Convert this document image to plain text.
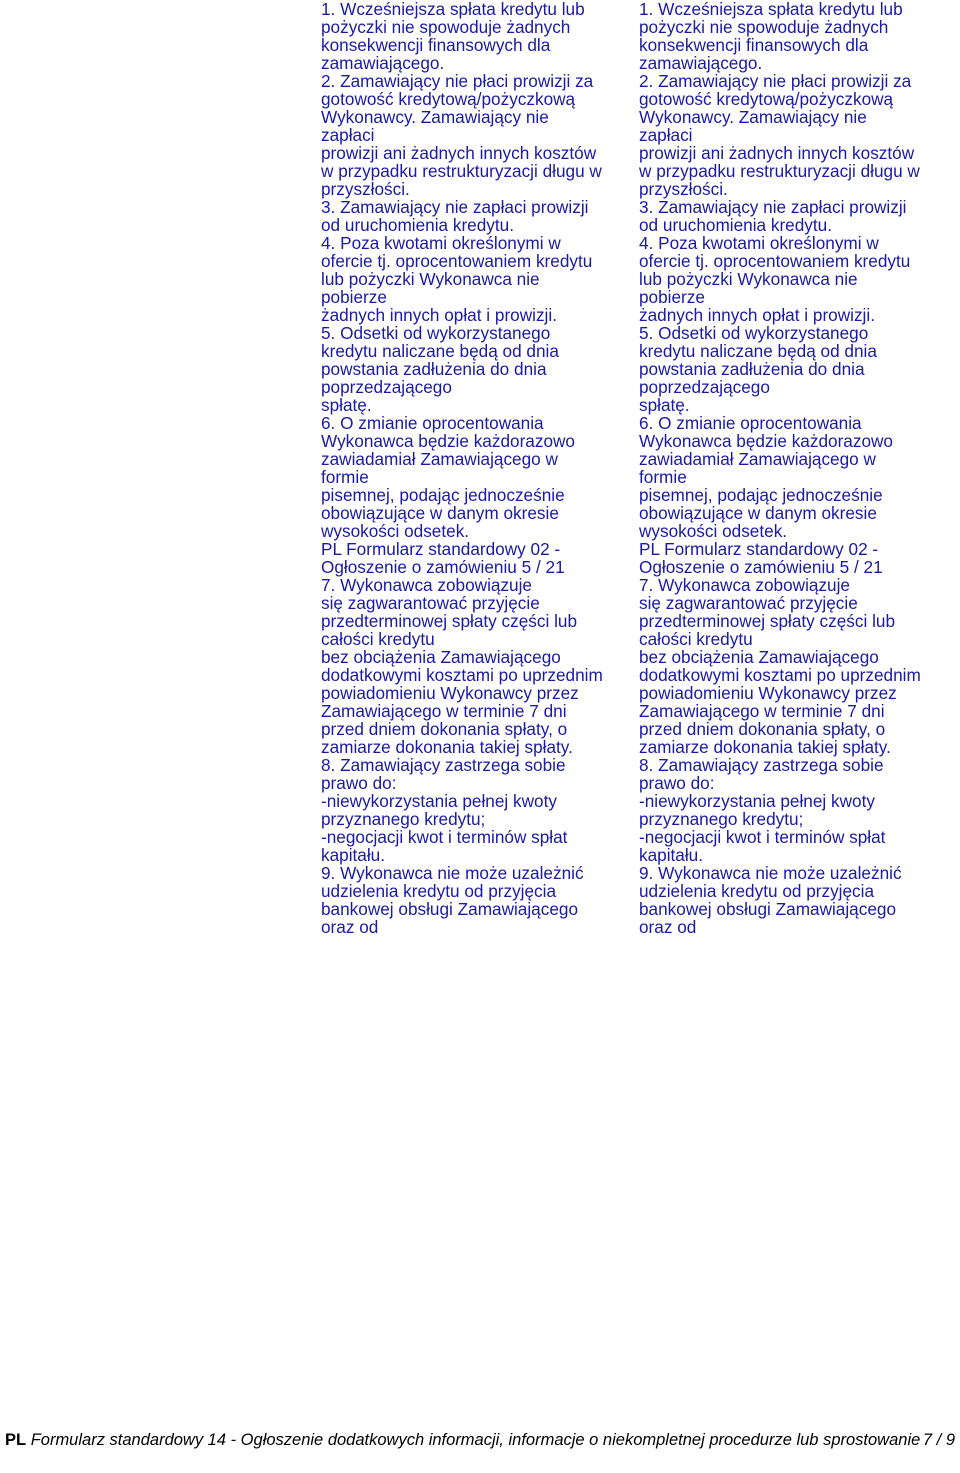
1. Wcześniejsza spłata kredytu lub
pożyczki nie spowoduje żadnych
konsekwencji finansowych dla
zamawiającego.
2. Zamawiający nie płaci prowizji za
gotowość kredytową/pożyczkową
Wykonawcy. Zamawiający nie
zapłaci
prowizji ani żadnych innych kosztów
w przypadku restrukturyzacji długu w
przyszłości.
3. Zamawiający nie zapłaci prowizji
od uruchomienia kredytu.
4. Poza kwotami określonymi w
ofercie tj. oprocentowaniem kredytu
lub pożyczki Wykonawca nie
pobierze
żadnych innych opłat i prowizji.
5. Odsetki od wykorzystanego
kredytu naliczane będą od dnia
powstania zadłużenia do dnia
poprzedzającego
spłatę.
6. O zmianie oprocentowania
Wykonawca będzie każdorazowo
zawiadamiał Zamawiającego w
formie
pisemnej, podając jednocześnie
obowiązujące w danym okresie
wysokości odsetek.
PL Formularz standardowy 02 -
Ogłoszenie o zamówieniu 5 / 21
7. Wykonawca zobowiązuje
się zagwarantować przyjęcie
przedterminowej spłaty części lub
całości kredytu
bez obciążenia Zamawiającego
dodatkowymi kosztami po uprzednim
powiadomieniu Wykonawcy przez
Zamawiającego w terminie 7 dni
przed dniem dokonania spłaty, o
zamiarze dokonania takiej spłaty.
8. Zamawiający zastrzega sobie
prawo do:
-niewykorzystania pełnej kwoty
przyznanego kredytu;
-negocjacji kwot i terminów spłat
kapitału.
9. Wykonawca nie może uzależnić
udzielenia kredytu od przyjęcia
bankowej obsługi Zamawiającego
oraz od
1. Wcześniejsza spłata kredytu lub
pożyczki nie spowoduje żadnych
konsekwencji finansowych dla
zamawiającego.
2. Zamawiający nie płaci prowizji za
gotowość kredytową/pożyczkową
Wykonawcy. Zamawiający nie
zapłaci
prowizji ani żadnych innych kosztów
w przypadku restrukturyzacji długu w
przyszłości.
3. Zamawiający nie zapłaci prowizji
od uruchomienia kredytu.
4. Poza kwotami określonymi w
ofercie tj. oprocentowaniem kredytu
lub pożyczki Wykonawca nie
pobierze
żadnych innych opłat i prowizji.
5. Odsetki od wykorzystanego
kredytu naliczane będą od dnia
powstania zadłużenia do dnia
poprzedzającego
spłatę.
6. O zmianie oprocentowania
Wykonawca będzie każdorazowo
zawiadamiał Zamawiającego w
formie
pisemnej, podając jednocześnie
obowiązujące w danym okresie
wysokości odsetek.
PL Formularz standardowy 02 -
Ogłoszenie o zamówieniu 5 / 21
7. Wykonawca zobowiązuje
się zagwarantować przyjęcie
przedterminowej spłaty części lub
całości kredytu
bez obciążenia Zamawiającego
dodatkowymi kosztami po uprzednim
powiadomieniu Wykonawcy przez
Zamawiającego w terminie 7 dni
przed dniem dokonania spłaty, o
zamiarze dokonania takiej spłaty.
8. Zamawiający zastrzega sobie
prawo do:
-niewykorzystania pełnej kwoty
przyznanego kredytu;
-negocjacji kwot i terminów spłat
kapitału.
9. Wykonawca nie może uzależnić
udzielenia kredytu od przyjęcia
bankowej obsługi Zamawiającego
oraz od
PL Formularz standardowy 14 - Ogłoszenie dodatkowych informacji, informacje o niekompletnej procedurze lub sprostowanie 7 / 9
